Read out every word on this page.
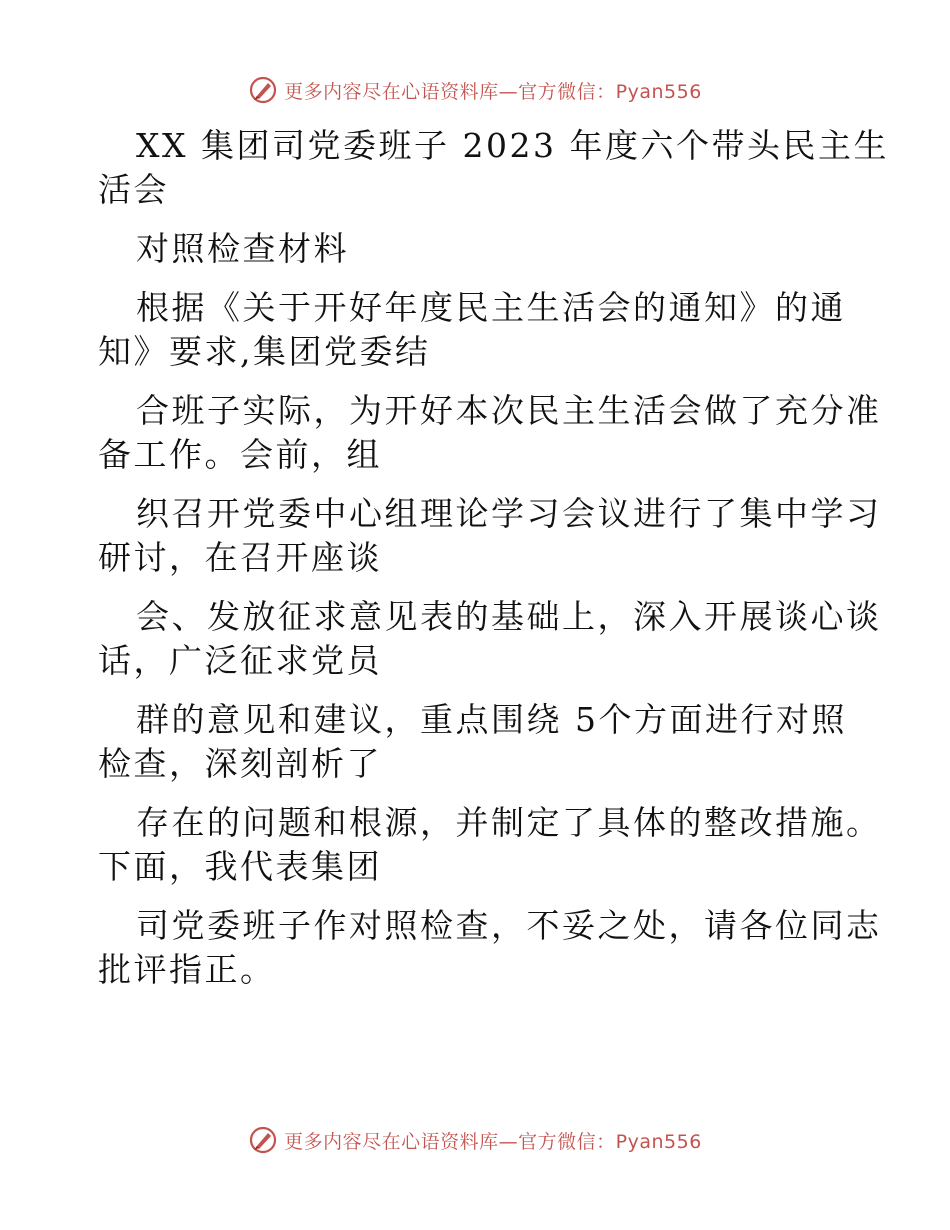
更多内容尽在心语资料库—官方微信：Pyan556
XX 集团司党委班子 2023 年度六个带头民主生
活会
对照检查材料
根据《关于开好年度民主生活会的通知》的通
知》要求,集团党委结
合班子实际，为开好本次民主生活会做了充分准
备工作。会前，组
织召开党委中心组理论学习会议进行了集中学习
研讨，在召开座谈
会、发放征求意见表的基础上，深入开展谈心谈
话，广泛征求党员
群的意见和建议，重点围绕 5个方面进行对照
检查，深刻剖析了
存在的问题和根源，并制定了具体的整改措施。
下面，我代表集团
司党委班子作对照检查，不妥之处，请各位同志
批评指正。
更多内容尽在心语资料库—官方微信：Pyan556
